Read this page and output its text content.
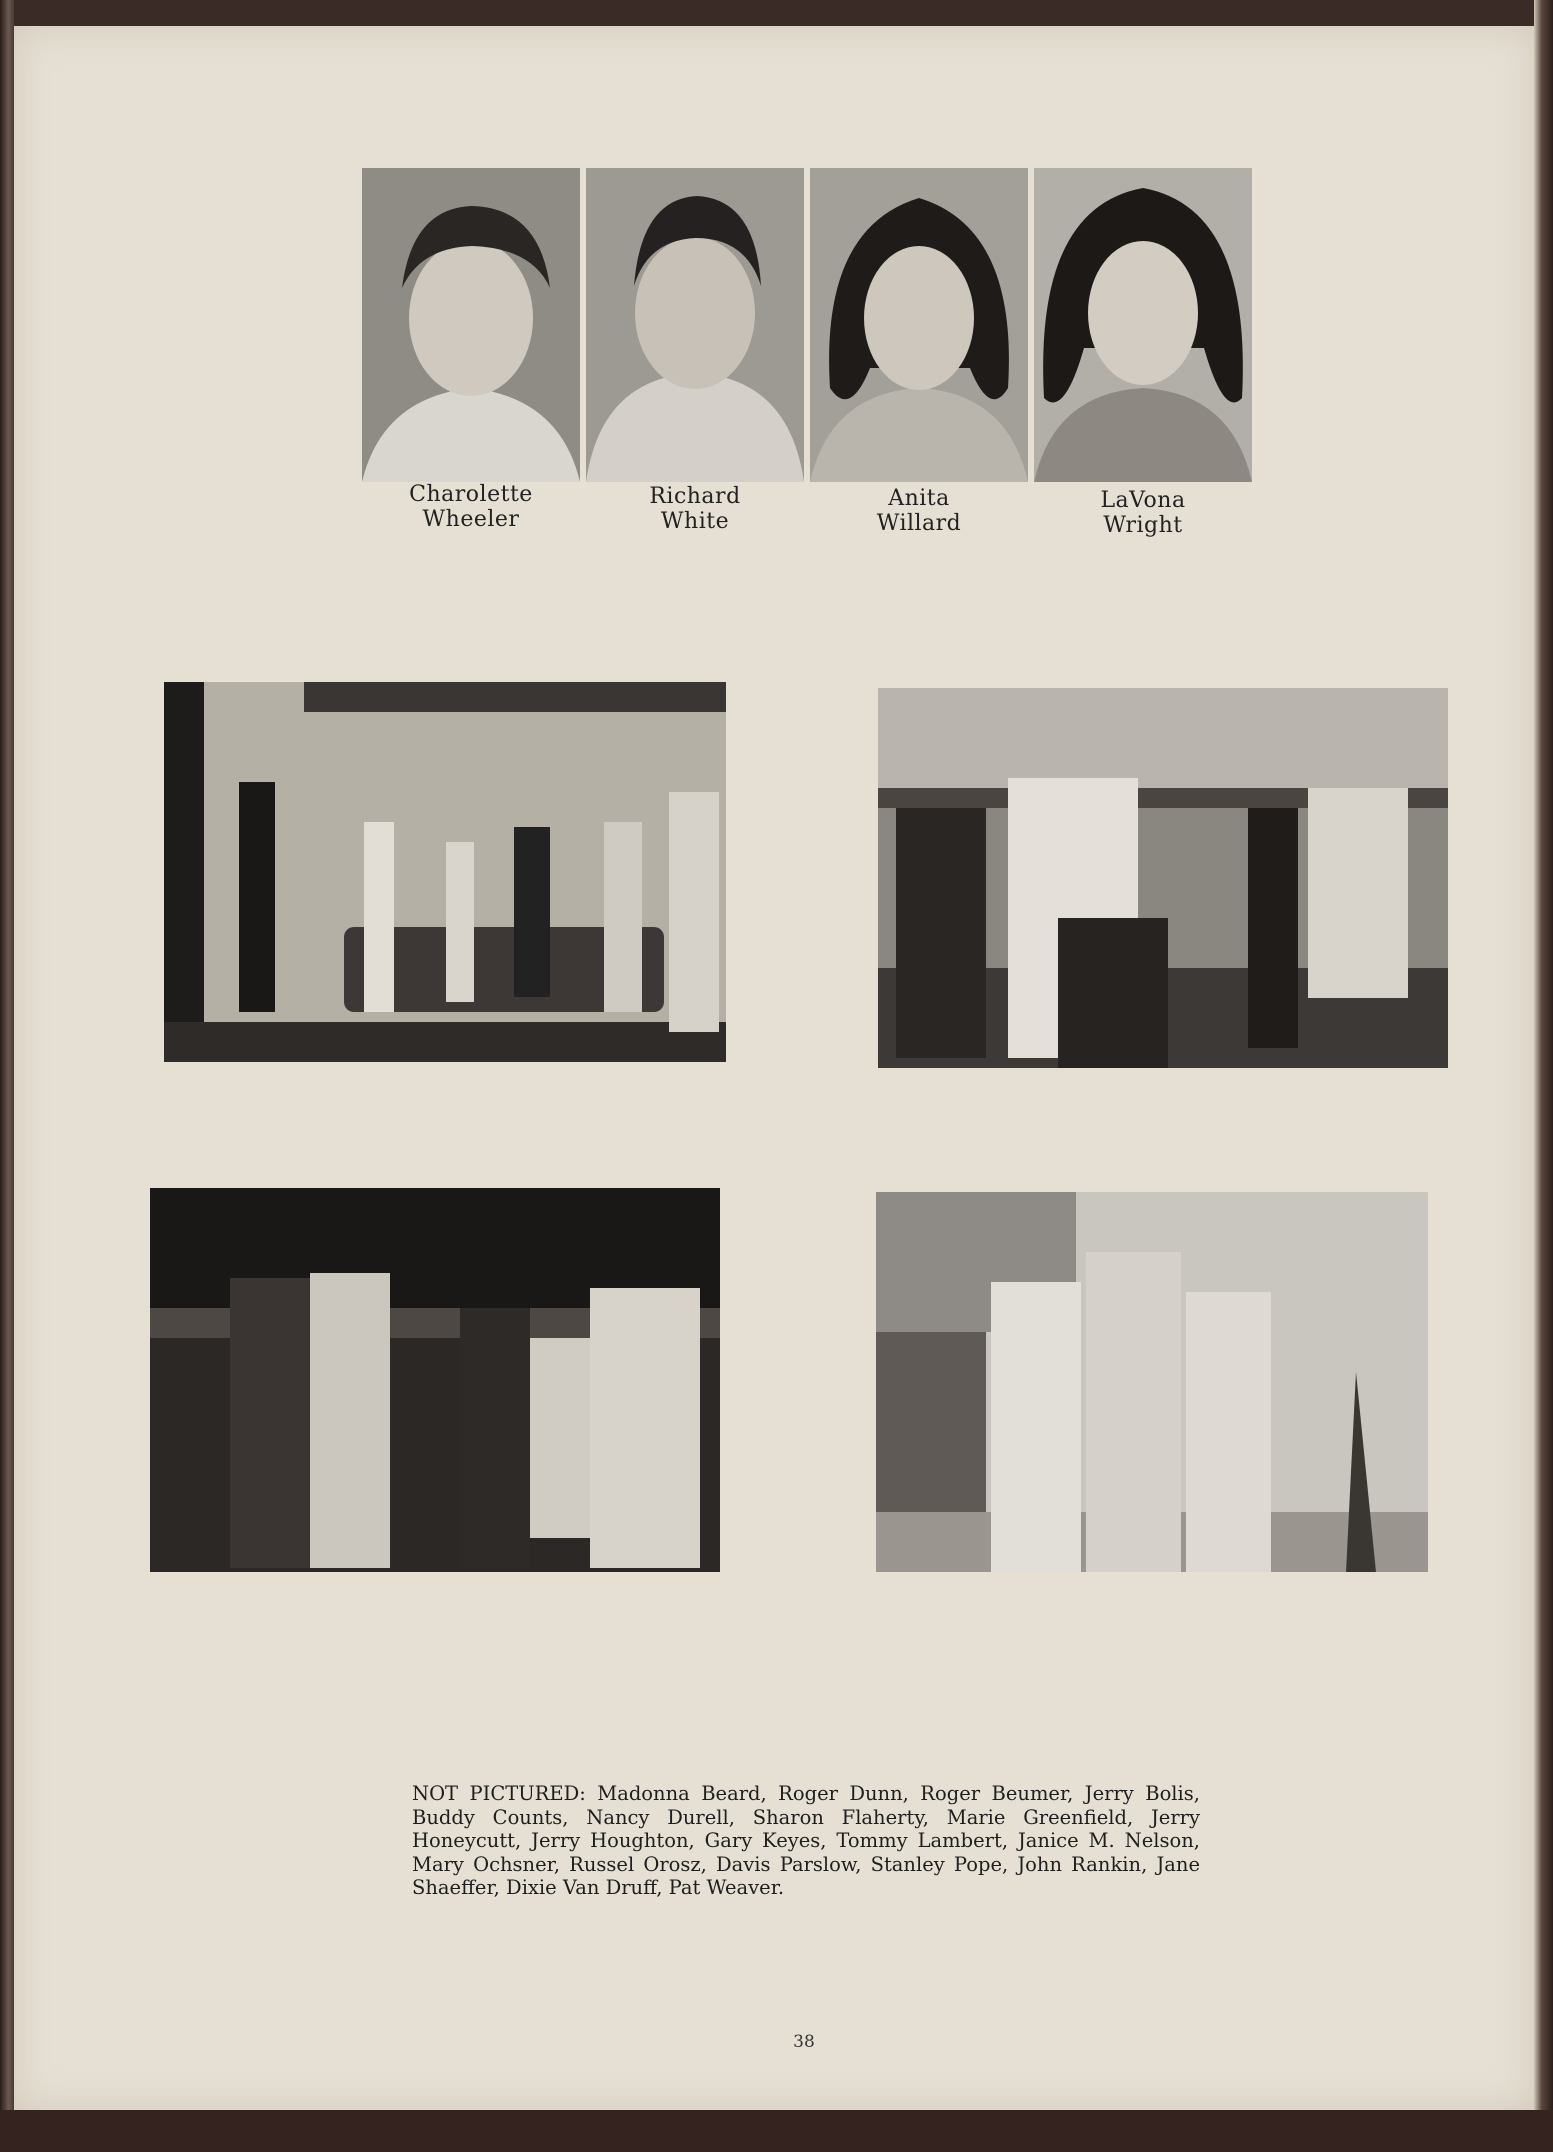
Charolette
Wheeler
Richard
White
Anita
Willard
LaVona
Wright
NOT PICTURED: Madonna Beard, Roger Dunn, Roger Beumer, Jerry Bolis, Buddy Counts, Nancy Durell, Sharon Flaherty, Marie Greenfield, Jerry Honeycutt, Jerry Houghton, Gary Keyes, Tommy Lambert, Janice M. Nelson, Mary Ochsner, Russel Orosz, Davis Parslow, Stanley Pope, John Rankin, Jane Shaeffer, Dixie Van Druff, Pat Weaver.
38
